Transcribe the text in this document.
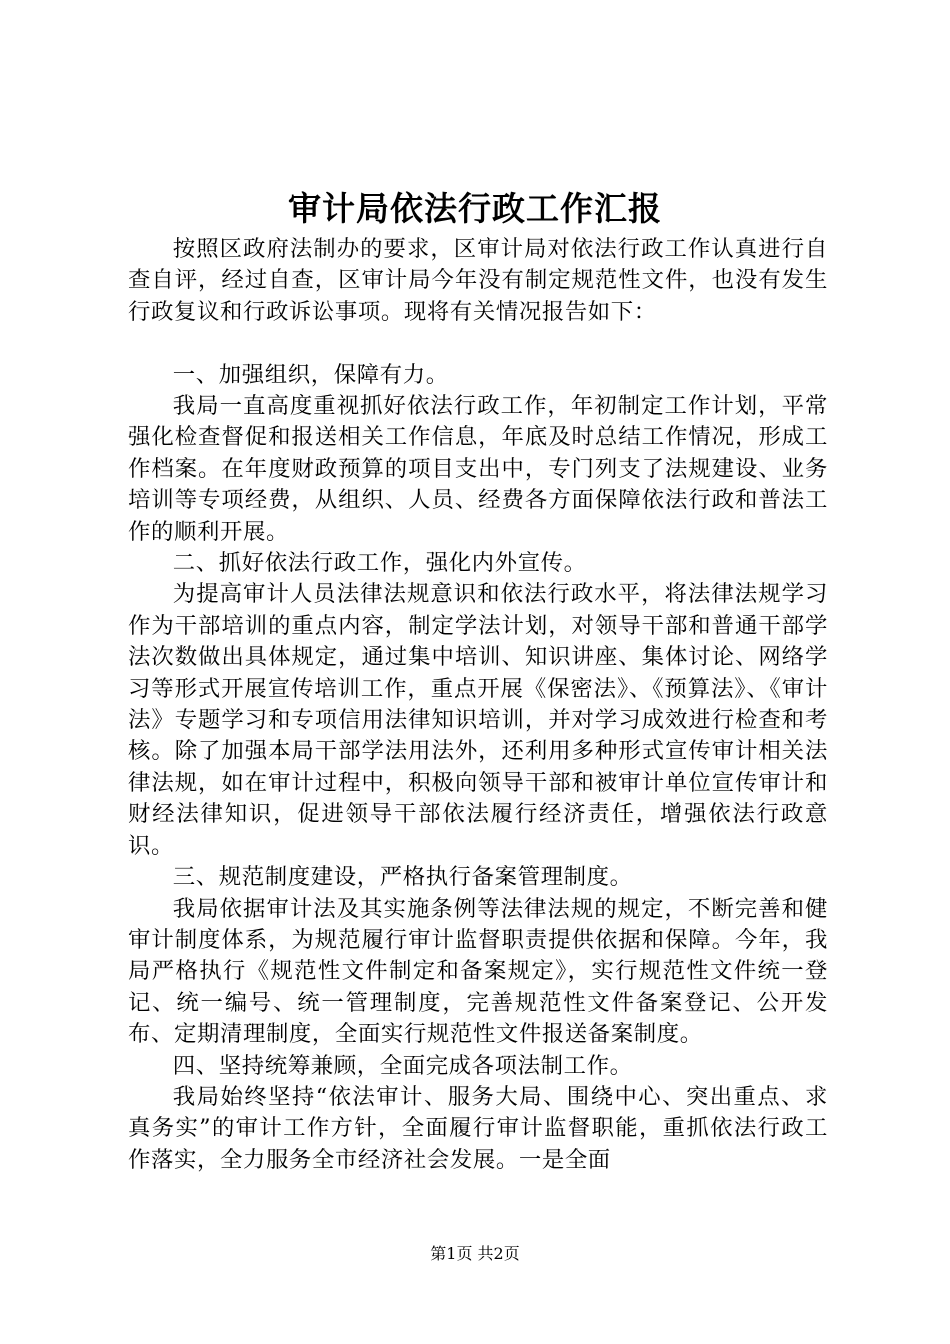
审计局依法行政工作汇报

按照区政府法制办的要求，区审计局对依法行政工作认真进行自查自评，经过自查，区审计局今年没有制定规范性文件，也没有发生行政复议和行政诉讼事项。现将有关情况报告如下：

一、加强组织，保障有力。

我局一直高度重视抓好依法行政工作，年初制定工作计划，平常强化检查督促和报送相关工作信息，年底及时总结工作情况，形成工作档案。在年度财政预算的项目支出中，专门列支了法规建设、业务培训等专项经费，从组织、人员、经费各方面保障依法行政和普法工作的顺利开展。

二、抓好依法行政工作，强化内外宣传。

为提高审计人员法律法规意识和依法行政水平，将法律法规学习作为干部培训的重点内容，制定学法计划，对领导干部和普通干部学法次数做出具体规定，通过集中培训、知识讲座、集体讨论、网络学习等形式开展宣传培训工作，重点开展《保密法》、《预算法》、《审计法》专题学习和专项信用法律知识培训，并对学习成效进行检查和考核。除了加强本局干部学法用法外，还利用多种形式宣传审计相关法律法规，如在审计过程中，积极向领导干部和被审计单位宣传审计和财经法律知识，促进领导干部依法履行经济责任，增强依法行政意识。

三、规范制度建设，严格执行备案管理制度。

我局依据审计法及其实施条例等法律法规的规定，不断完善和健审计制度体系，为规范履行审计监督职责提供依据和保障。今年，我局严格执行《规范性文件制定和备案规定》，实行规范性文件统一登记、统一编号、统一管理制度，完善规范性文件备案登记、公开发布、定期清理制度，全面实行规范性文件报送备案制度。

四、坚持统筹兼顾，全面完成各项法制工作。

我局始终坚持“依法审计、服务大局、围绕中心、突出重点、求真务实”的审计工作方针，全面履行审计监督职能，重抓依法行政工作落实，全力服务全市经济社会发展。一是全面

第1页 共2页
